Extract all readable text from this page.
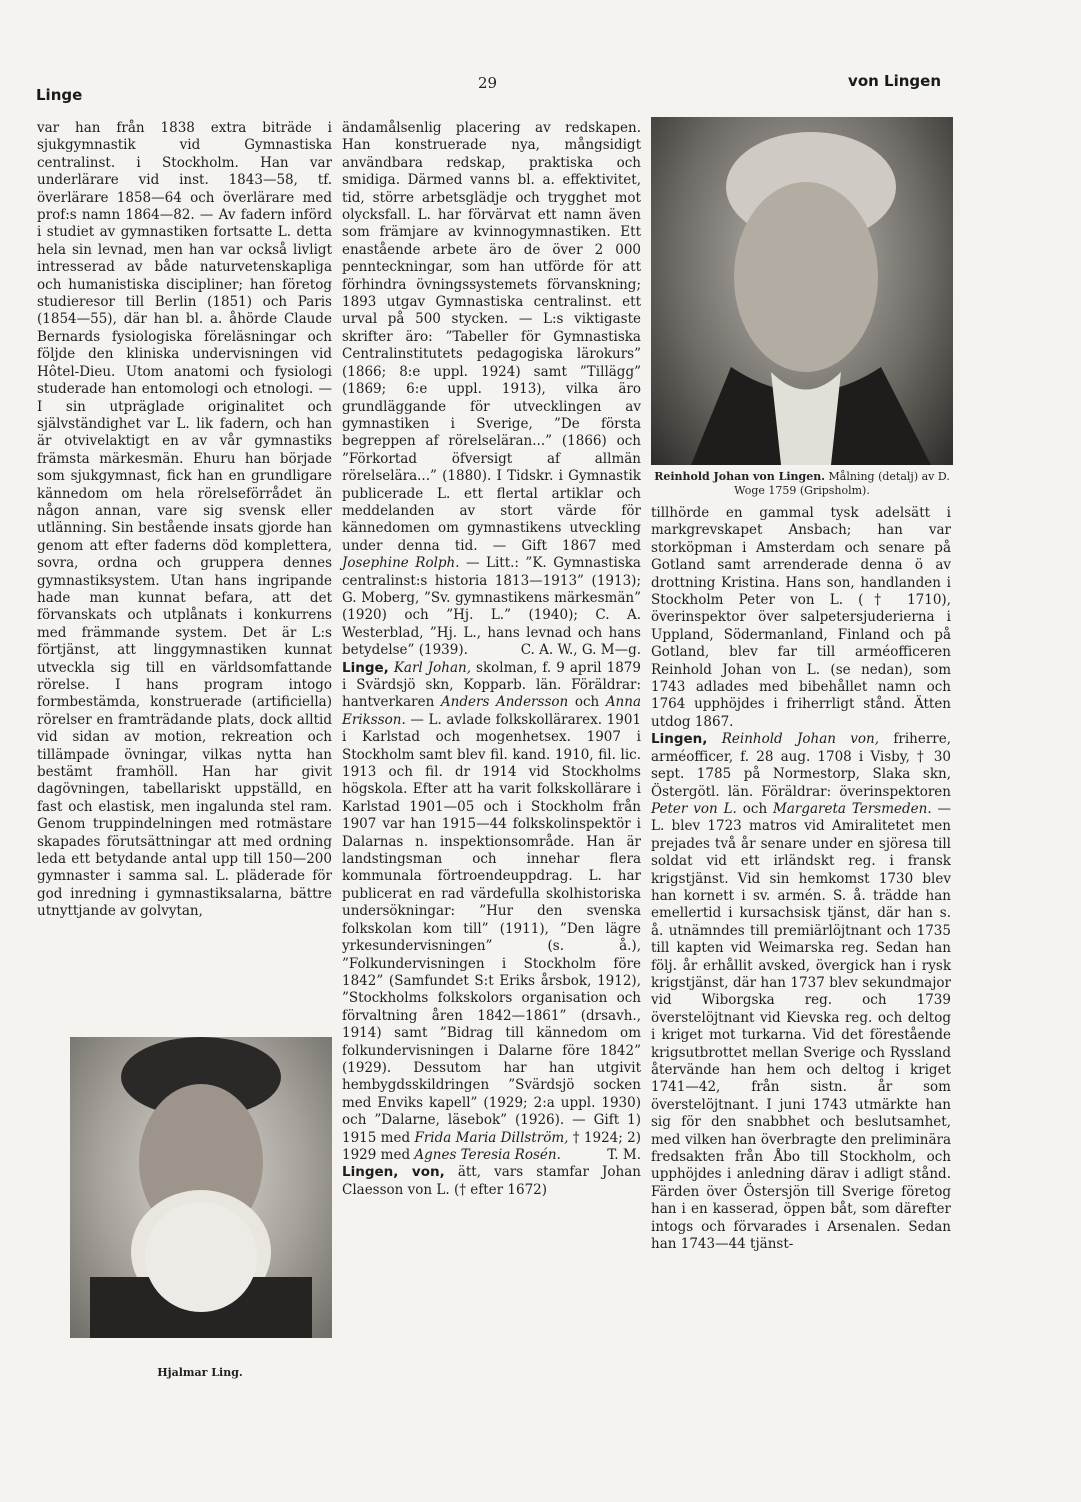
Linge
29	von Lingen

var han från 1838 extra biträde i sjukgymnastik vid Gymnastiska centralinst. i Stockholm. Han var underlärare vid inst. 1843—58, tf. överlärare 1858—64 och överlärare med prof:s namn 1864—82. — Av fadern införd i studiet av gymnastiken fortsatte L. detta hela sin levnad, men han var också livligt intresserad av både naturvetenskapliga och humanistiska discipliner; han företog studieresor till Berlin (1851) och Paris (1854—55), där han bl. a. åhörde Claude Bernards fysiologiska föreläsningar och följde den kliniska undervisningen vid Hôtel-Dieu. Utom anatomi och fysiologi studerade han entomologi och etnologi. — I sin utpräglade originalitet och självständighet var L. lik fadern, och han är otvivelaktigt en av vår gymnastiks främsta märkesmän. Ehuru han började som sjukgymnast, fick han en grundligare kännedom om hela rörelseförrådet än någon annan, vare sig svensk eller utlänning. Sin bestående insats gjorde han genom att efter faderns död komplettera, sovra, ordna och gruppera dennes gymnastiksystem. Utan hans ingripande hade man kunnat befara, att det förvanskats och utplånats i konkurrens med främmande system. Det är L:s förtjänst, att linggymnastiken kunnat utveckla sig till en världsomfattande rörelse. I hans program intogo formbestämda, konstruerade (artificiella) rörelser en framträdande plats, dock alltid vid sidan av motion, rekreation och tillämpade övningar, vilkas nytta han bestämt framhöll. Han har givit dagövningen, tabellariskt uppställd, en fast och elastisk, men ingalunda stel ram. Genom truppindelningen med rotmästare skapades förutsättningar att med ordning leda ett betydande antal upp till 150—200 gymnaster i samma sal. L. pläderade för god inredning i gymnastiksalarna, bättre utnyttjande av golvytan,

Hjalmar Ling.

ändamålsenlig placering av redskapen. Han konstruerade nya, mångsidigt användbara redskap, praktiska och smidiga. Därmed vanns bl. a. effektivitet, tid, större arbetsglädje och trygghet mot olycksfall. L. har förvärvat ett namn även som främjare av kvinnogymnastiken. Ett enastående arbete äro de över 2 000 pennteckningar, som han utförde för att förhindra övningssystemets förvanskning; 1893 utgav Gymnastiska centralinst. ett urval på 500 stycken. — L:s viktigaste skrifter äro: ”Tabeller för Gymnastiska Centralinstitutets pedagogiska lärokurs” (1866; 8:e uppl. 1924) samt ”Tillägg” (1869; 6:e uppl. 1913), vilka äro grundläggande för utvecklingen av gymnastiken i Sverige, ”De första begreppen af rörelseläran...” (1866) och ”Förkortad öfversigt af allmän rörelselära...” (1880). I Tidskr. i Gymnastik publicerade L. ett flertal artiklar och meddelanden av stort värde för kännedomen om gymnastikens utveckling under denna tid. — Gift 1867 med Josephine Rolph. — Litt.: ”K. Gymnastiska centralinst:s historia 1813—1913” (1913); G. Moberg, ”Sv. gymnastikens märkesmän” (1920) och ”Hj. L.” (1940); C. A. Westerblad, ”Hj. L., hans levnad och hans betydelse” (1939).	C. A. W., G. M—g.

Linge, Karl Johan, skolman, f. 9 april 1879 i Svärdsjö skn, Kopparb. län. Föräldrar: hantverkaren Anders Andersson och Anna Eriksson. — L. avlade folkskollärarex. 1901 i Karlstad och mogenhetsex. 1907 i Stockholm samt blev fil. kand. 1910, fil. lic. 1913 och fil. dr 1914 vid Stockholms högskola. Efter att ha varit folkskollärare i Karlstad 1901—05 och i Stockholm från 1907 var han 1915—44 folkskolinspektör i Dalarnas n. inspektionsområde. Han är landstingsman och innehar flera kommunala förtroendeuppdrag. L. har publicerat en rad värdefulla skolhistoriska undersökningar: ”Hur den svenska folkskolan kom till” (1911), ”Den lägre yrkesundervisningen” (s. å.), ”Folkundervisningen i Stockholm före 1842” (Samfundet S:t Eriks årsbok, 1912), ”Stockholms folkskolors organisation och förvaltning åren 1842—1861” (drsavh., 1914) samt ”Bidrag till kännedom om folkundervisningen i Dalarne före 1842” (1929). Dessutom har han utgivit hembygdsskildringen ”Svärdsjö socken med Enviks kapell” (1929; 2:a uppl. 1930) och ”Dalarne, läsebok” (1926). — Gift 1) 1915 med Frida Maria Dillström, † 1924; 2) 1929 med Agnes Teresia Rosén.	T. M.

Lingen, von, ätt, vars stamfar Johan Claesson von L. († efter 1672)

Reinhold Johan von Lingen. Målning (detalj) av D. Woge 1759 (Gripsholm).

tillhörde en gammal tysk adelsätt i markgrevskapet Ansbach; han var storköpman i Amsterdam och senare på Gotland samt arrenderade denna ö av drottning Kristina. Hans son, handlanden i Stockholm Peter von L. († 1710), överinspektor över salpetersjuderierna i Uppland, Södermanland, Finland och på Gotland, blev far till arméofficeren Reinhold Johan von L. (se nedan), som 1743 adlades med bibehållet namn och 1764 upphöjdes i friherrligt stånd. Ätten utdog 1867.

Lingen, Reinhold Johan von, friherre, arméofficer, f. 28 aug. 1708 i Visby, † 30 sept. 1785 på Normestorp, Slaka skn, Östergötl. län. Föräldrar: överinspektoren Peter von L. och Margareta Tersmeden. — L. blev 1723 matros vid Amiralitetet men prejades två år senare under en sjöresa till soldat vid ett irländskt reg. i fransk krigstjänst. Vid sin hemkomst 1730 blev han kornett i sv. armén. S. å. trädde han emellertid i kursachsisk tjänst, där han s. å. utnämndes till premiärlöjtnant och 1735 till kapten vid Weimarska reg. Sedan han följ. år erhållit avsked, övergick han i rysk krigstjänst, där han 1737 blev sekundmajor vid Wiborgska reg. och 1739 överstelöjtnant vid Kievska reg. och deltog i kriget mot turkarna. Vid det förestående krigsutbrottet mellan Sverige och Ryssland återvände han hem och deltog i kriget 1741—42, från sistn. år som överstelöjtnant. I juni 1743 utmärkte han sig för den snabbhet och beslutsamhet, med vilken han överbragte den preliminära fredsakten från Åbo till Stockholm, och upphöjdes i anledning därav i adligt stånd. Färden över Östersjön till Sverige företog han i en kasserad, öppen båt, som därefter intogs och förvarades i Arsenalen. Sedan han 1743—44 tjänst-
